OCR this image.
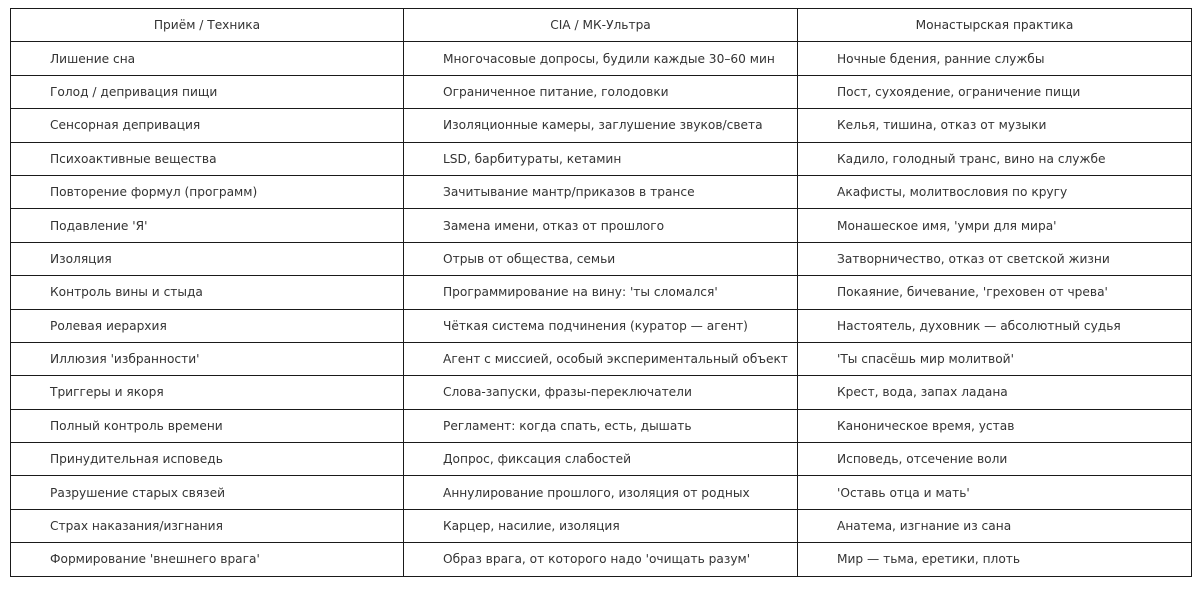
Приём / Техника	CIA / МК-Ультра	Монастырская практика
Лишение сна	Многочасовые допросы, будили каждые 30–60 мин	Ночные бдения, ранние службы
Голод / депривация пищи	Ограниченное питание, голодовки	Пост, сухоядение, ограничение пищи
Сенсорная депривация	Изоляционные камеры, заглушение звуков/света	Келья, тишина, отказ от музыки
Психоактивные вещества	LSD, барбитураты, кетамин	Кадило, голодный транс, вино на службе
Повторение формул (программ)	Зачитывание мантр/приказов в трансе	Акафисты, молитвословия по кругу
Подавление 'Я'	Замена имени, отказ от прошлого	Монашеское имя, 'умри для мира'
Изоляция	Отрыв от общества, семьи	Затворничество, отказ от светской жизни
Контроль вины и стыда	Программирование на вину: 'ты сломался'	Покаяние, бичевание, 'греховен от чрева'
Ролевая иерархия	Чёткая система подчинения (куратор — агент)	Настоятель, духовник — абсолютный судья
Иллюзия 'избранности'	Агент с миссией, особый экспериментальный объект	'Ты спасёшь мир молитвой'
Триггеры и якоря	Слова-запуски, фразы-переключатели	Крест, вода, запах ладана
Полный контроль времени	Регламент: когда спать, есть, дышать	Каноническое время, устав
Принудительная исповедь	Допрос, фиксация слабостей	Исповедь, отсечение воли
Разрушение старых связей	Аннулирование прошлого, изоляция от родных	'Оставь отца и мать'
Страх наказания/изгнания	Карцер, насилие, изоляция	Анатема, изгнание из сана
Формирование 'внешнего врага'	Образ врага, от которого надо 'очищать разум'	Мир — тьма, еретики, плоть
